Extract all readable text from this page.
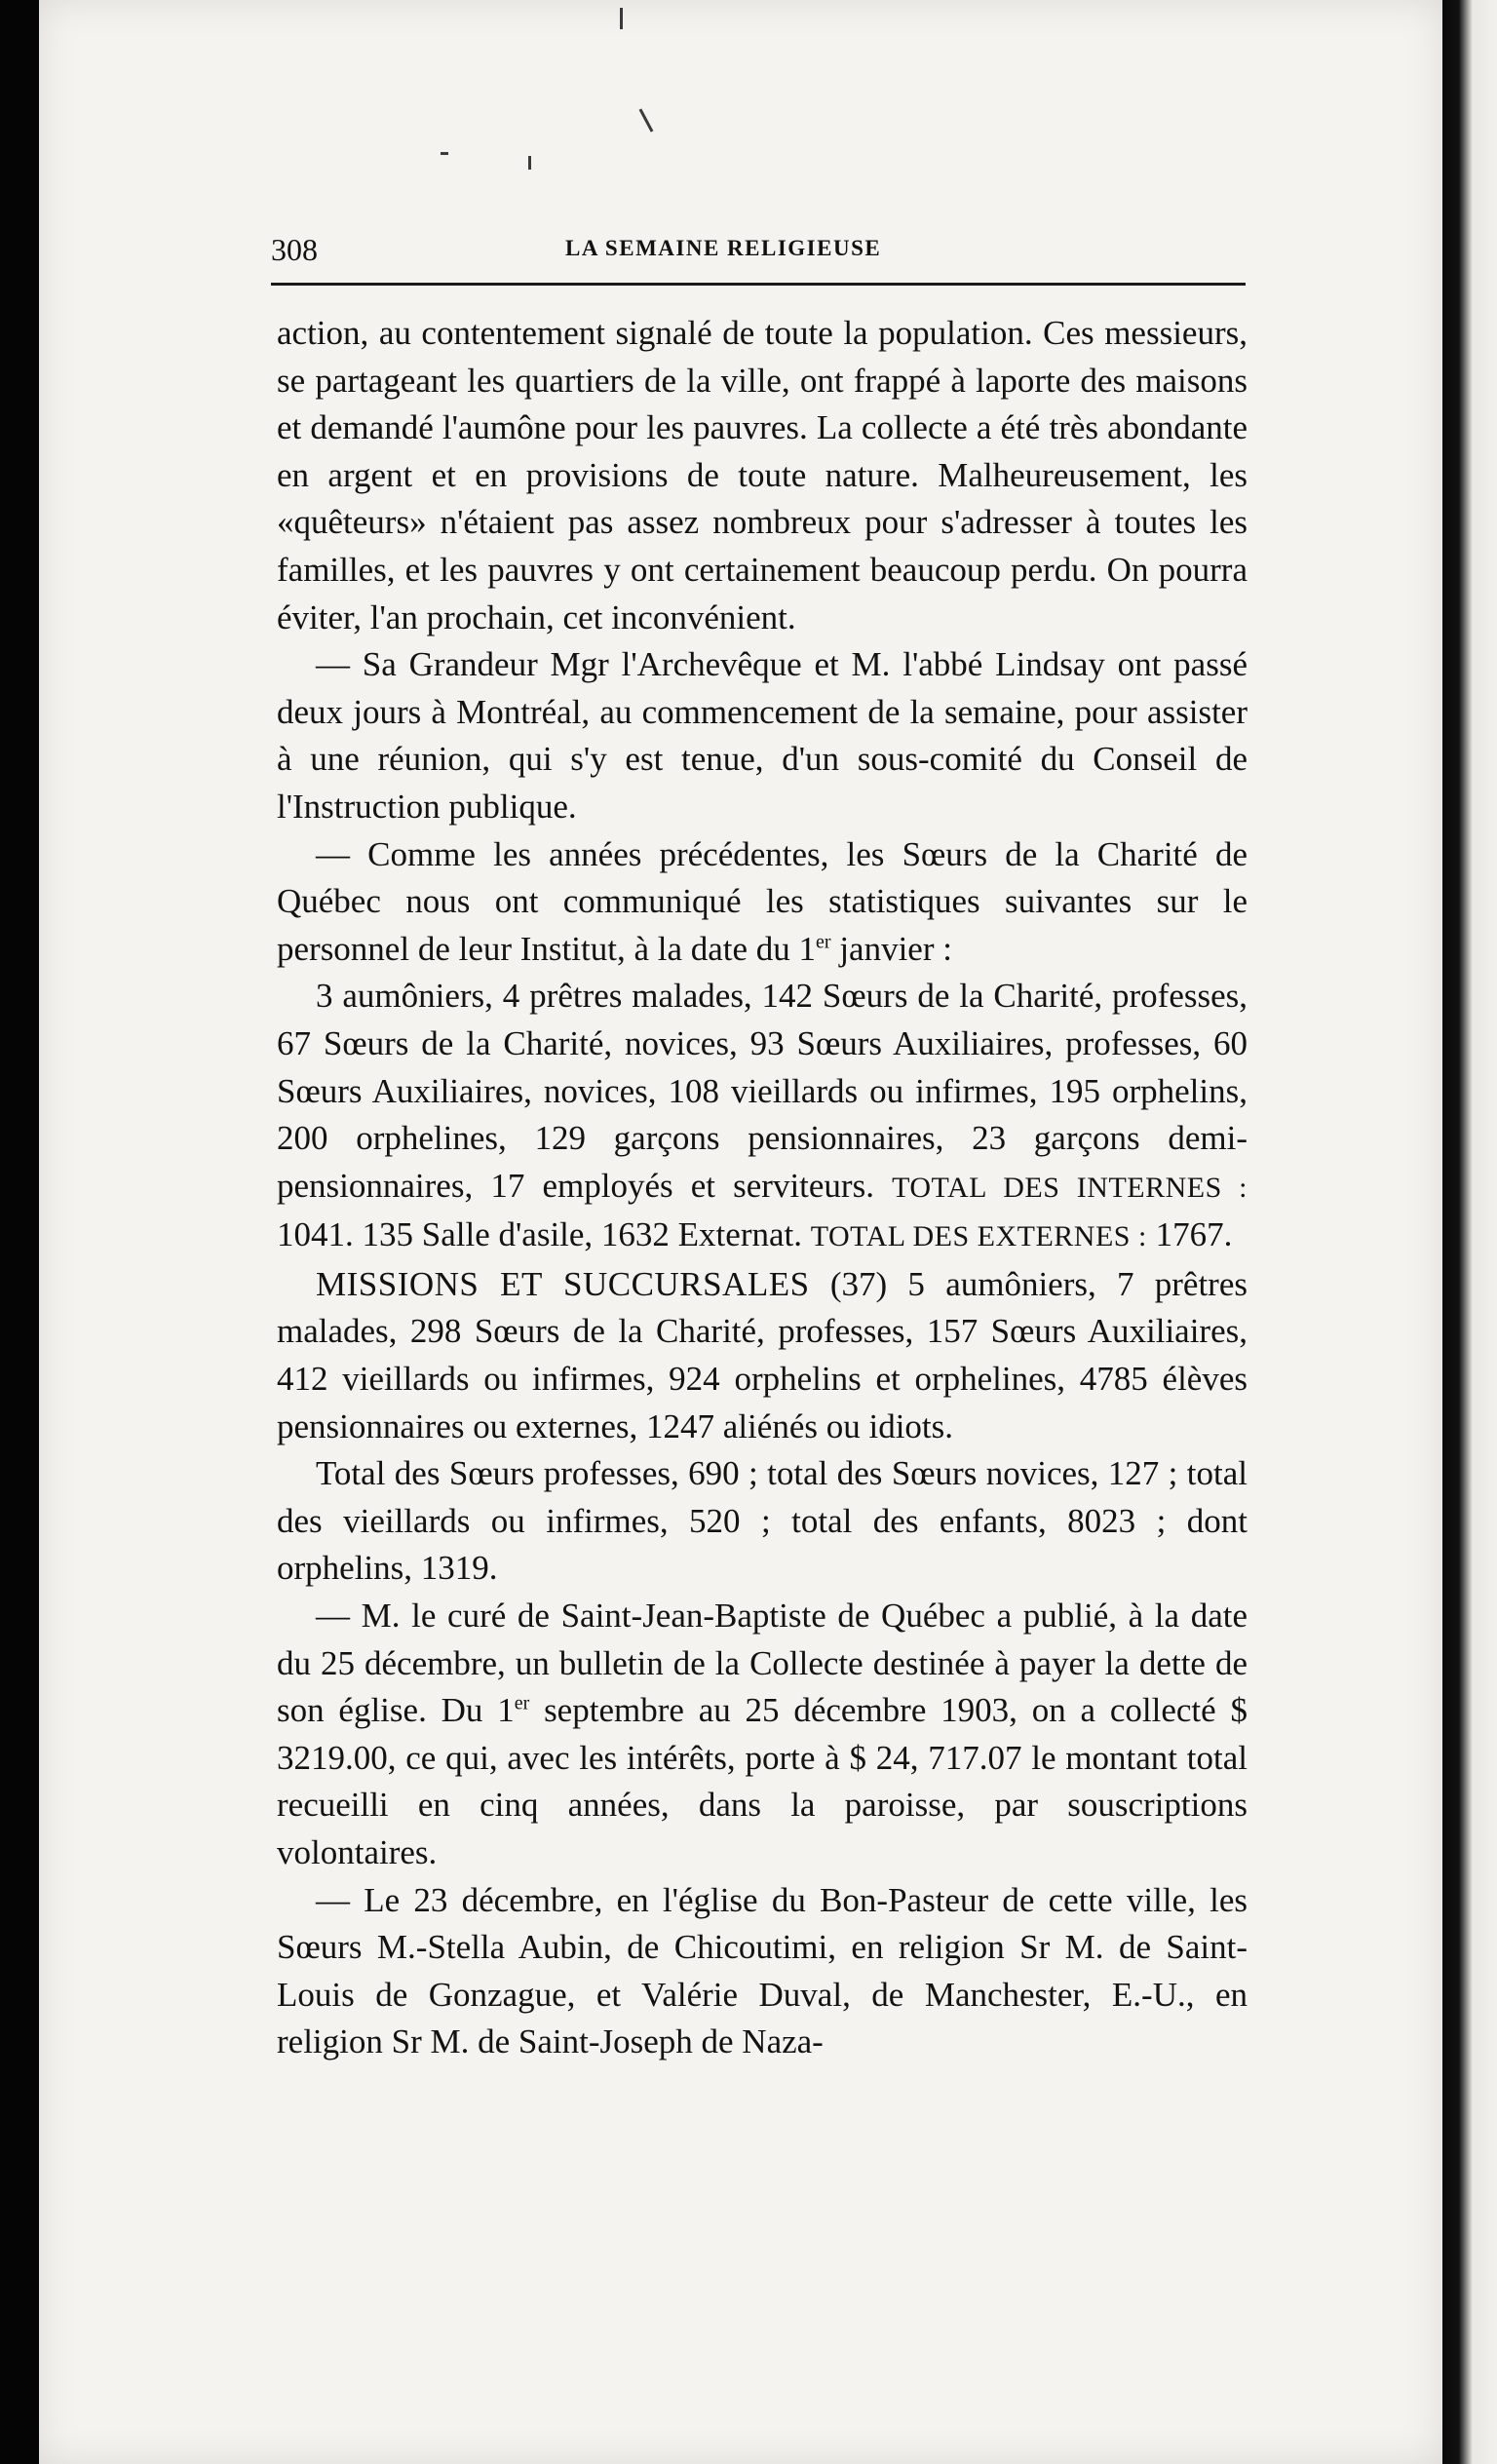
308	LA SEMAINE RELIGIEUSE

action, au contentement signalé de toute la population. Ces messieurs, se partageant les quartiers de la ville, ont frappé à laporte des maisons et demandé l'aumône pour les pauvres. La collecte a été très abondante en argent et en provisions de toute nature. Malheureusement, les «quêteurs» n'étaient pas assez nombreux pour s'adresser à toutes les familles, et les pauvres y ont certainement beaucoup perdu. On pourra éviter, l'an prochain, cet inconvénient.

— Sa Grandeur Mgr l'Archevêque et M. l'abbé Lindsay ont passé deux jours à Montréal, au commencement de la semaine, pour assister à une réunion, qui s'y est tenue, d'un sous-comité du Conseil de l'Instruction publique.

— Comme les années précédentes, les Sœurs de la Charité de Québec nous ont communiqué les statistiques suivantes sur le personnel de leur Institut, à la date du 1er janvier :

3 aumôniers, 4 prêtres malades, 142 Sœurs de la Charité, professes, 67 Sœurs de la Charité, novices, 93 Sœurs Auxiliaires, professes, 60 Sœurs Auxiliaires, novices, 108 vieillards ou infirmes, 195 orphelins, 200 orphelines, 129 garçons pensionnaires, 23 garçons demi-pensionnaires, 17 employés et serviteurs. TOTAL DES INTERNES : 1041. 135 Salle d'asile, 1632 Externat. TOTAL DES EXTERNES : 1767.

MISSIONS ET SUCCURSALES (37) 5 aumôniers, 7 prêtres malades, 298 Sœurs de la Charité, professes, 157 Sœurs Auxiliaires, 412 vieillards ou infirmes, 924 orphelins et orphelines, 4785 élèves pensionnaires ou externes, 1247 aliénés ou idiots.

Total des Sœurs professes, 690 ; total des Sœurs novices, 127 ; total des vieillards ou infirmes, 520 ; total des enfants, 8023 ; dont orphelins, 1319.

— M. le curé de Saint-Jean-Baptiste de Québec a publié, à la date du 25 décembre, un bulletin de la Collecte destinée à payer la dette de son église. Du 1er septembre au 25 décembre 1903, on a collecté $ 3219.00, ce qui, avec les intérêts, porte à $ 24, 717.07 le montant total recueilli en cinq années, dans la paroisse, par souscriptions volontaires.

— Le 23 décembre, en l'église du Bon-Pasteur de cette ville, les Sœurs M.-Stella Aubin, de Chicoutimi, en religion Sr M. de Saint-Louis de Gonzague, et Valérie Duval, de Manchester, E.-U., en religion Sr M. de Saint-Joseph de Naza-
